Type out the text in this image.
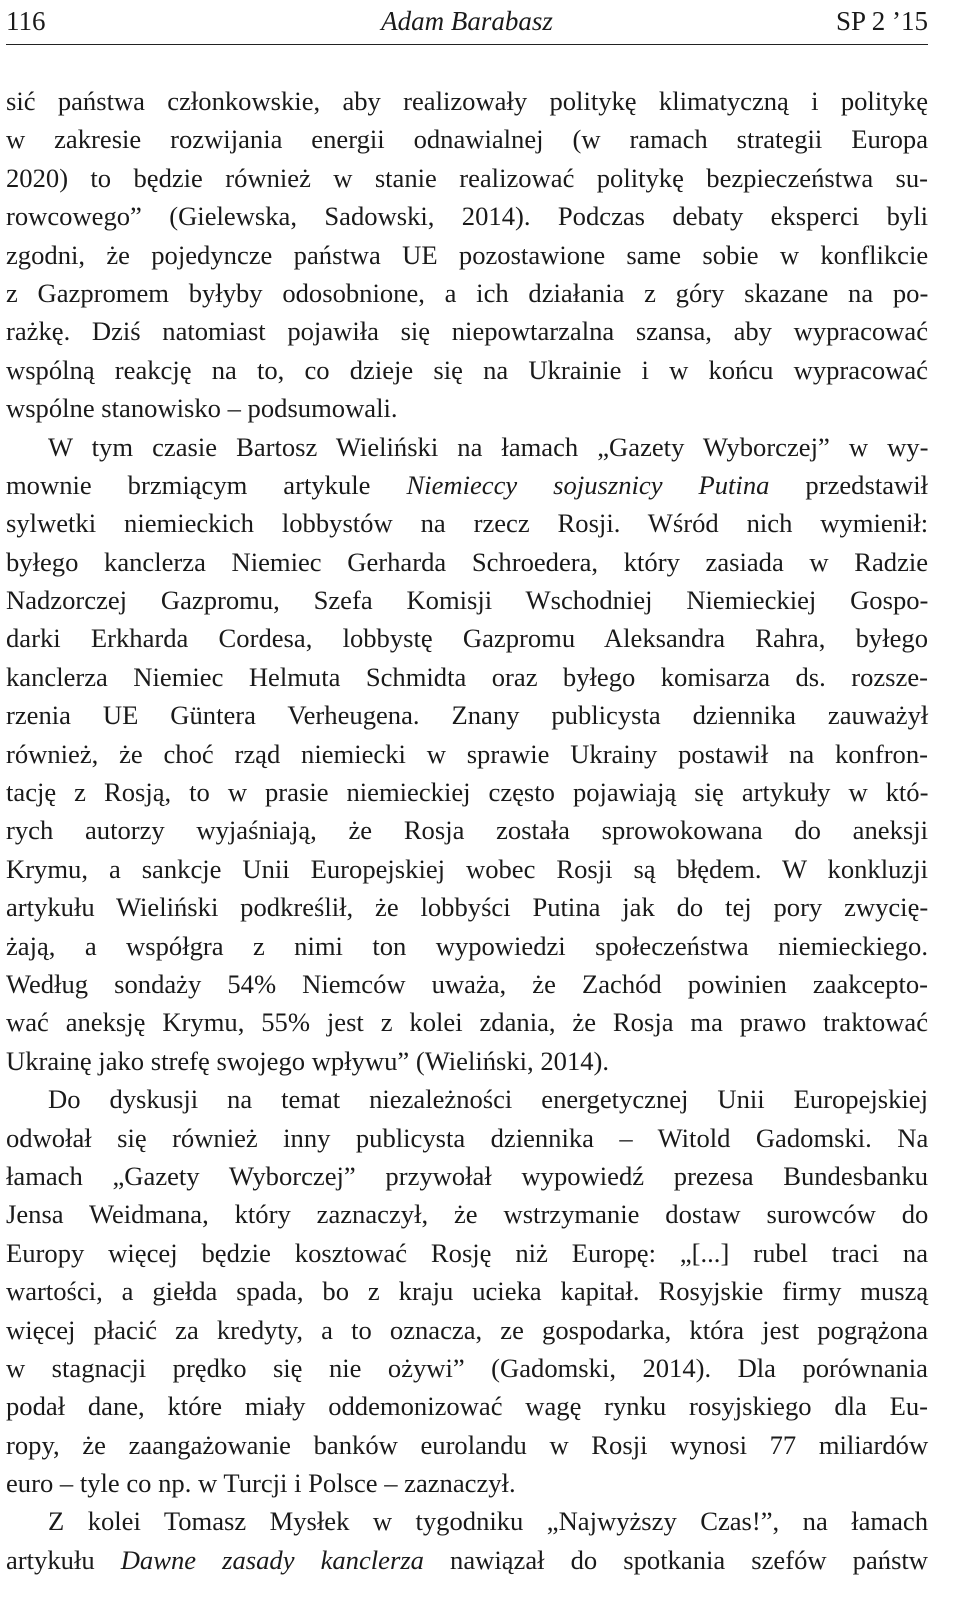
116	Adam Barabasz	SP 2 ’15
sić państwa członkowskie, aby realizowały politykę klimatyczną i politykę
w zakresie rozwijania energii odnawialnej (w ramach strategii Europa
2020) to będzie również w stanie realizować politykę bezpieczeństwa su-
rowcowego” (Gielewska, Sadowski, 2014). Podczas debaty eksperci byli
zgodni, że pojedyncze państwa UE pozostawione same sobie w konflikcie
z Gazpromem byłyby odosobnione, a ich działania z góry skazane na po-
rażkę. Dziś natomiast pojawiła się niepowtarzalna szansa, aby wypracować
wspólną reakcję na to, co dzieje się na Ukrainie i w końcu wypracować
wspólne stanowisko – podsumowali.
W tym czasie Bartosz Wieliński na łamach „Gazety Wyborczej” w wy-
mownie brzmiącym artykule Niemieccy sojusznicy Putina przedstawił
sylwetki niemieckich lobbystów na rzecz Rosji. Wśród nich wymienił:
byłego kanclerza Niemiec Gerharda Schroedera, który zasiada w Radzie
Nadzorczej Gazpromu, Szefa Komisji Wschodniej Niemieckiej Gospo-
darki Erkharda Cordesa, lobbystę Gazpromu Aleksandra Rahra, byłego
kanclerza Niemiec Helmuta Schmidta oraz byłego komisarza ds. rozsze-
rzenia UE Güntera Verheugena. Znany publicysta dziennika zauważył
również, że choć rząd niemiecki w sprawie Ukrainy postawił na konfron-
tację z Rosją, to w prasie niemieckiej często pojawiają się artykuły w któ-
rych autorzy wyjaśniają, że Rosja została sprowokowana do aneksji
Krymu, a sankcje Unii Europejskiej wobec Rosji są błędem. W konkluzji
artykułu Wieliński podkreślił, że lobbyści Putina jak do tej pory zwycię-
żają, a współgra z nimi ton wypowiedzi społeczeństwa niemieckiego.
Według sondaży 54% Niemców uważa, że Zachód powinien zaakcepto-
wać aneksję Krymu, 55% jest z kolei zdania, że Rosja ma prawo traktować
Ukrainę jako strefę swojego wpływu” (Wieliński, 2014).
Do dyskusji na temat niezależności energetycznej Unii Europejskiej
odwołał się również inny publicysta dziennika – Witold Gadomski. Na
łamach „Gazety Wyborczej” przywołał wypowiedź prezesa Bundesbanku
Jensa Weidmana, który zaznaczył, że wstrzymanie dostaw surowców do
Europy więcej będzie kosztować Rosję niż Europę: „[...] rubel traci na
wartości, a giełda spada, bo z kraju ucieka kapitał. Rosyjskie firmy muszą
więcej płacić za kredyty, a to oznacza, ze gospodarka, która jest pogrążona
w stagnacji prędko się nie ożywi” (Gadomski, 2014). Dla porównania
podał dane, które miały oddemonizować wagę rynku rosyjskiego dla Eu-
ropy, że zaangażowanie banków eurolandu w Rosji wynosi 77 miliardów
euro – tyle co np. w Turcji i Polsce – zaznaczył.
Z kolei Tomasz Mysłek w tygodniku „Najwyższy Czas!”, na łamach
artykułu Dawne zasady kanclerza nawiązał do spotkania szefów państw
